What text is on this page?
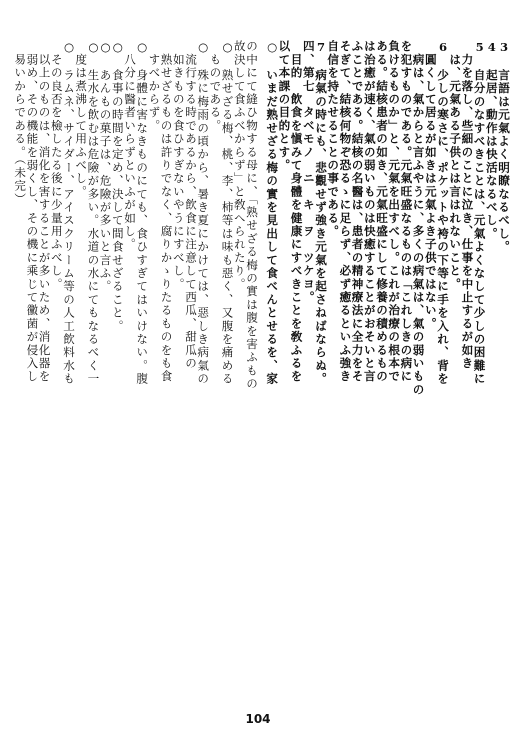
3　言語は元氣よく明瞭なるべし。
4　起居、動作は快活なるべし。
5　自分のなすべきことは、元氣よくなして少しの困難に
　力を落し、些細のことに泣き、仕事を中止するが如き
　は、元氣ある子供とは言はれないこと。
6　少しの寒さに、ポケットや袴の下等に手を入れ、背を
　圓くして居るが如きは元氣よき子供ではない。
　病は、氣からと言ふやうに、多くの病氣は、氣の弱いもの
を犯すものである。元氣旺盛なるものは「これしきの病に
負けるものか」と、元氣を出すべし。これが治療の根本で
ある。結核患者の如き、元氣旺盛にして修養の積めるもの
は治癒が速く、氣の弱いものは快癒することがおそいと言
ふことである。結核の名醫は、患者の精神療法に全力をそ
そぎて、結核何物ぞ恐るゝに足らず、必ず癒るといふ強き
自信を持たせることの事である。
7　病氣の時にも、悲觀せず強き元氣を起さねばならぬ。
四、第七　タベモノ　ニ　キ　ヲ　ツケヨ。
　目的　飲食を愼みて身體を健康にすべきことを敎ふるを
以て本課の目的とす。
○　いまだ熟せざる梅の實を見出して食べんとせるを、家
の中にて縫ひ物する母に、「熟せざる梅の實は腹を害ふもの
故決して食ふべからず」と敎へられたり。
○　熟せざる梅、桃、李、柿等は味も惡く、又腹を痛める
　ものである。
○　殊に梅雨の頃から、暑き夏にかけては、惡しき病氣の
　流行する時であるから、飲食に注意して西瓜、甜瓜の
　如きものを食ひすぎないやうにすべし。
　熟せざるものは許りでなく、腐りかゝりたるものをも食
　すべからず。
○　身體に害なきものにても、食ひすぎてはいけない。腹
　八分に醫者いらずといふが如し。
○　食事の時間を定め、決して間食せざること。
○　あんもの菓子は、危險が多いと言ふ。
○　生水を飲むは危險が多い。水道の水にてもなるべく一
　度は煮沸して用ふべし。
○　ラムネ、サイダー、アイスクリーム等の人工飲料水も
　その良否を檢したる後に少量用ふべし。
　以上のものは、消化を害することが多いため、消化器を
　弱め、その機能を弱くし、その機に乘じて黴菌が侵入し
　易いからである。（未完）
104
